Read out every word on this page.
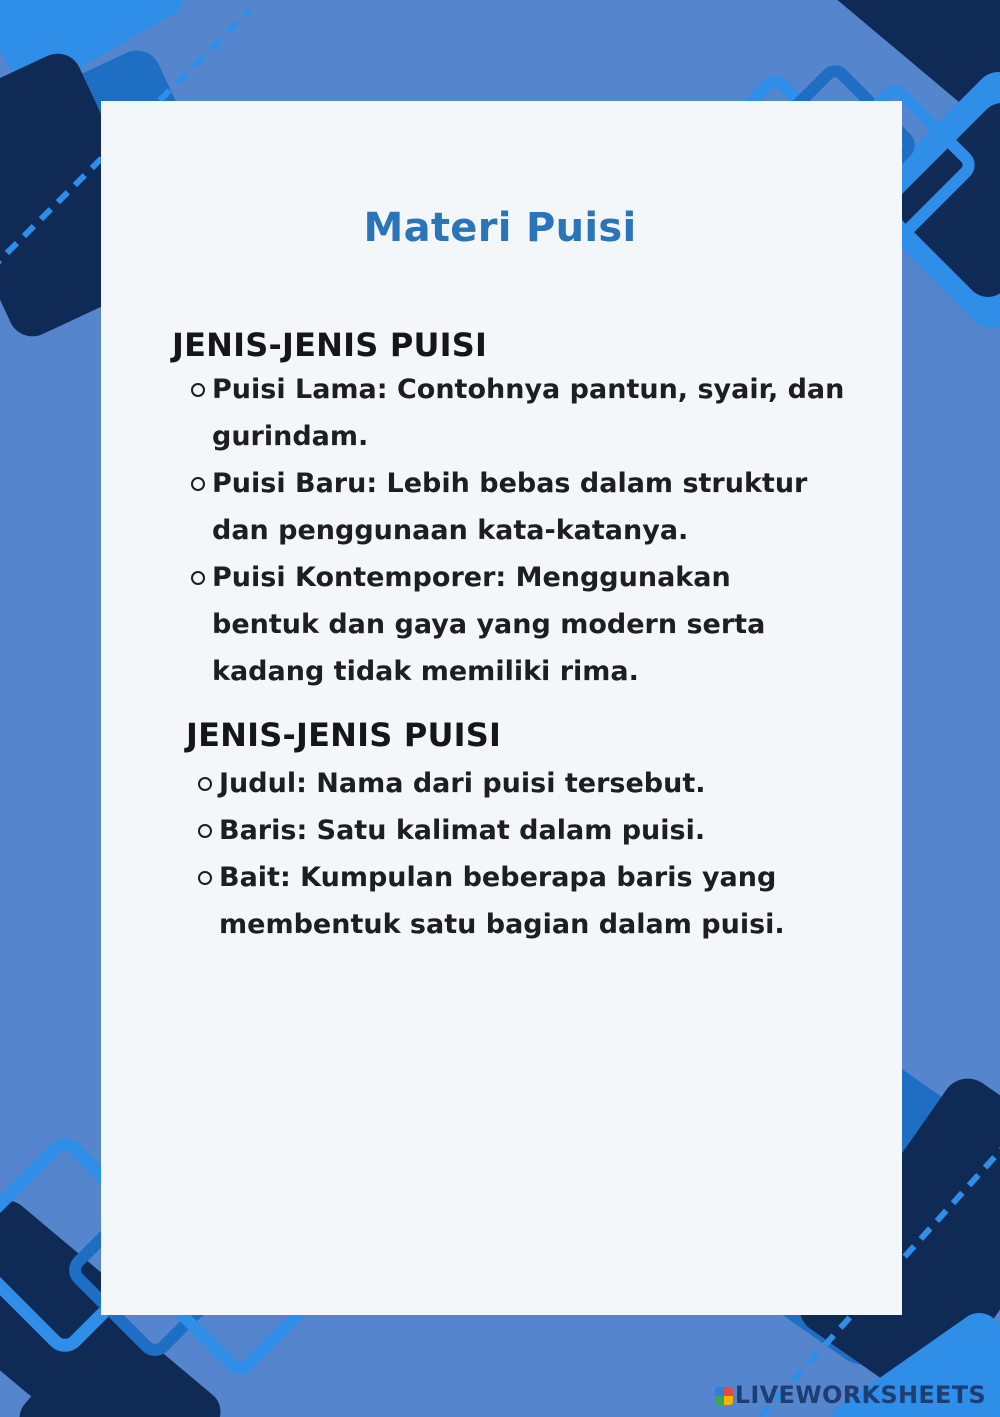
Materi Puisi
JENIS-JENIS PUISI
Puisi Lama: Contohnya pantun, syair, dan gurindam.
Puisi Baru: Lebih bebas dalam struktur dan penggunaan kata-katanya.
Puisi Kontemporer: Menggunakan bentuk dan gaya yang modern serta kadang tidak memiliki rima.
JENIS-JENIS PUISI
Judul: Nama dari puisi tersebut.
Baris: Satu kalimat dalam puisi.
Bait: Kumpulan beberapa baris yang membentuk satu bagian dalam puisi.
LIVEWORKSHEETS
